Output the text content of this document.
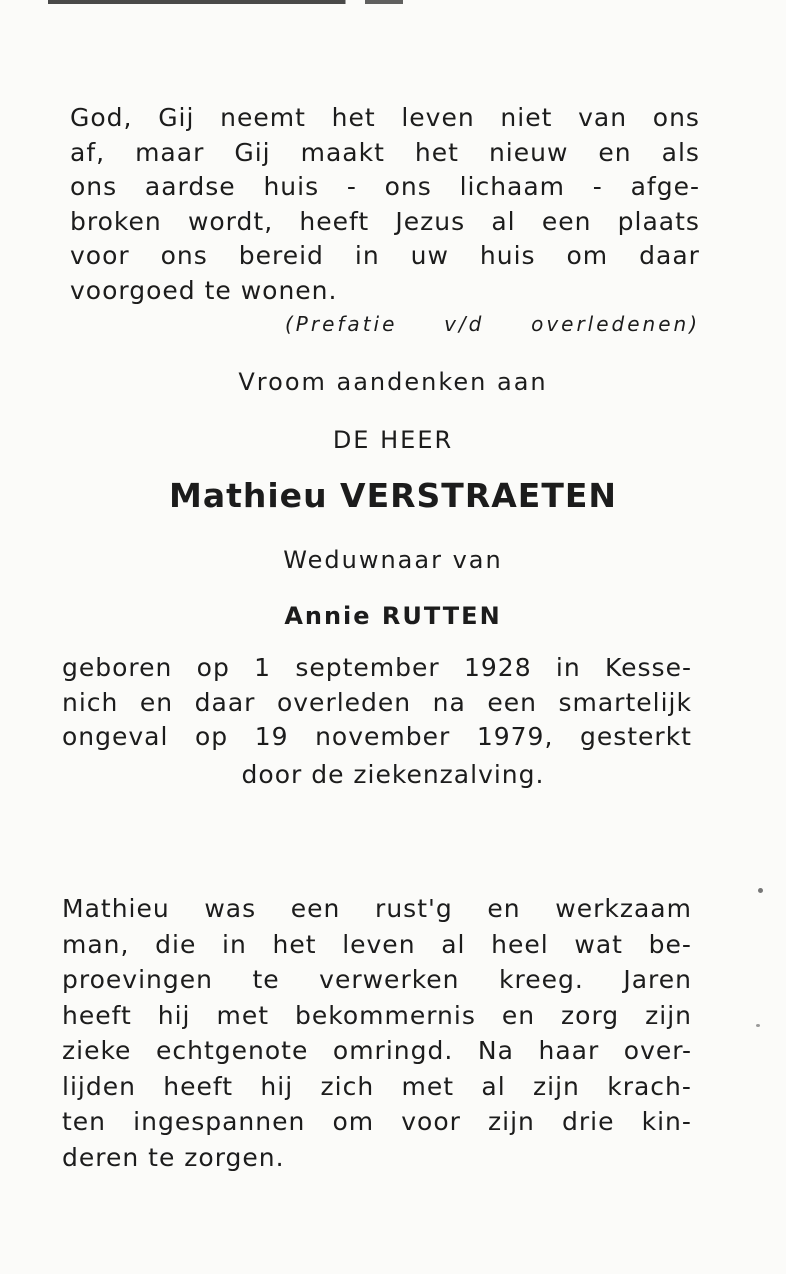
God, Gij neemt het leven niet van ons
af, maar Gij maakt het nieuw en als
ons aardse huis - ons lichaam - afge-
broken wordt, heeft Jezus al een plaats
voor ons bereid in uw huis om daar
voorgoed te wonen.
(Prefatie v/d overledenen)
Vroom aandenken aan
DE HEER
Mathieu VERSTRAETEN
Weduwnaar van
Annie RUTTEN
geboren op 1 september 1928 in Kesse-
nich en daar overleden na een smartelijk
ongeval op 19 november 1979, gesterkt
door de ziekenzalving.
Mathieu was een rust'g en werkzaam
man, die in het leven al heel wat be-
proevingen te verwerken kreeg. Jaren
heeft hij met bekommernis en zorg zijn
zieke echtgenote omringd. Na haar over-
lijden heeft hij zich met al zijn krach-
ten ingespannen om voor zijn drie kin-
deren te zorgen.
